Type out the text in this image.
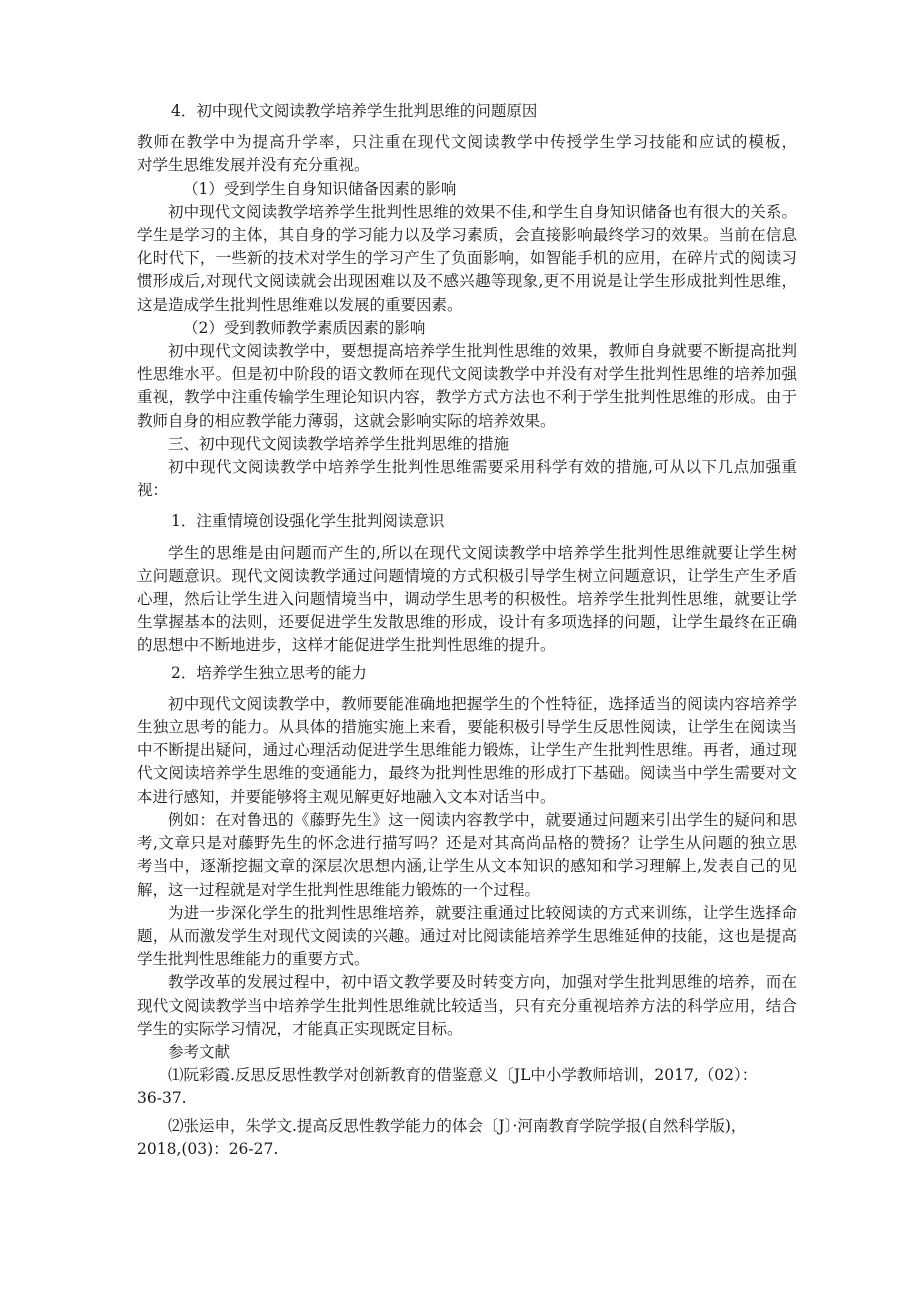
4．初中现代文阅读教学培养学生批判思维的问题原因

教师在教学中为提高升学率，只注重在现代文阅读教学中传授学生学习技能和应试的模板，

对学生思维发展并没有充分重视。

（1）受到学生自身知识储备因素的影响

初中现代文阅读教学培养学生批判性思维的效果不佳,和学生自身知识储备也有很大的关系。

学生是学习的主体，其自身的学习能力以及学习素质，会直接影响最终学习的效果。当前在信息

化时代下，一些新的技术对学生的学习产生了负面影响，如智能手机的应用，在碎片式的阅读习

惯形成后,对现代文阅读就会出现困难以及不感兴趣等现象,更不用说是让学生形成批判性思维，

这是造成学生批判性思维难以发展的重要因素。

（2）受到教师教学素质因素的影响

初中现代文阅读教学中，要想提高培养学生批判性思维的效果，教师自身就要不断提高批判

性思维水平。但是初中阶段的语文教师在现代文阅读教学中并没有对学生批判性思维的培养加强

重视，教学中注重传输学生理论知识内容，教学方式方法也不利于学生批判性思维的形成。由于

教师自身的相应教学能力薄弱，这就会影响实际的培养效果。

三、初中现代文阅读教学培养学生批判思维的措施

初中现代文阅读教学中培养学生批判性思维需要采用科学有效的措施,可从以下几点加强重

视：

1．注重情境创设强化学生批判阅读意识

学生的思维是由问题而产生的,所以在现代文阅读教学中培养学生批判性思维就要让学生树

立问题意识。现代文阅读教学通过问题情境的方式积极引导学生树立问题意识，让学生产生矛盾

心理，然后让学生进入问题情境当中，调动学生思考的积极性。培养学生批判性思维，就要让学

生掌握基本的法则，还要促进学生发散思维的形成，设计有多项选择的问题，让学生最终在正确

的思想中不断地进步，这样才能促进学生批判性思维的提升。

2．培养学生独立思考的能力

初中现代文阅读教学中，教师要能准确地把握学生的个性特征，选择适当的阅读内容培养学

生独立思考的能力。从具体的措施实施上来看，要能积极引导学生反思性阅读，让学生在阅读当

中不断提出疑问，通过心理活动促进学生思维能力锻炼，让学生产生批判性思维。再者，通过现

代文阅读培养学生思维的变通能力，最终为批判性思维的形成打下基础。阅读当中学生需要对文

本进行感知，并要能够将主观见解更好地融入文本对话当中。

例如：在对鲁迅的《藤野先生》这一阅读内容教学中，就要通过问题来引出学生的疑问和思

考,文章只是对藤野先生的怀念进行描写吗？还是对其高尚品格的赞扬？让学生从问题的独立思

考当中，逐渐挖掘文章的深层次思想内涵,让学生从文本知识的感知和学习理解上,发表自己的见

解，这一过程就是对学生批判性思维能力锻炼的一个过程。

为进一步深化学生的批判性思维培养，就要注重通过比较阅读的方式来训练，让学生选择命

题，从而激发学生对现代文阅读的兴趣。通过对比阅读能培养学生思维延伸的技能，这也是提高

学生批判性思维能力的重要方式。

教学改革的发展过程中，初中语文教学要及时转变方向，加强对学生批判思维的培养，而在

现代文阅读教学当中培养学生批判性思维就比较适当，只有充分重视培养方法的科学应用，结合

学生的实际学习情况，才能真正实现既定目标。

参考文献

⑴阮彩霞.反思反思性教学对创新教育的借鉴意义〔JL中小学教师培训，2017,（02）：

36-37.

⑵张运申，朱学文.提高反思性教学能力的体会〔J〕·河南教育学院学报(自然科学版)，

2018,(03)：26-27.
